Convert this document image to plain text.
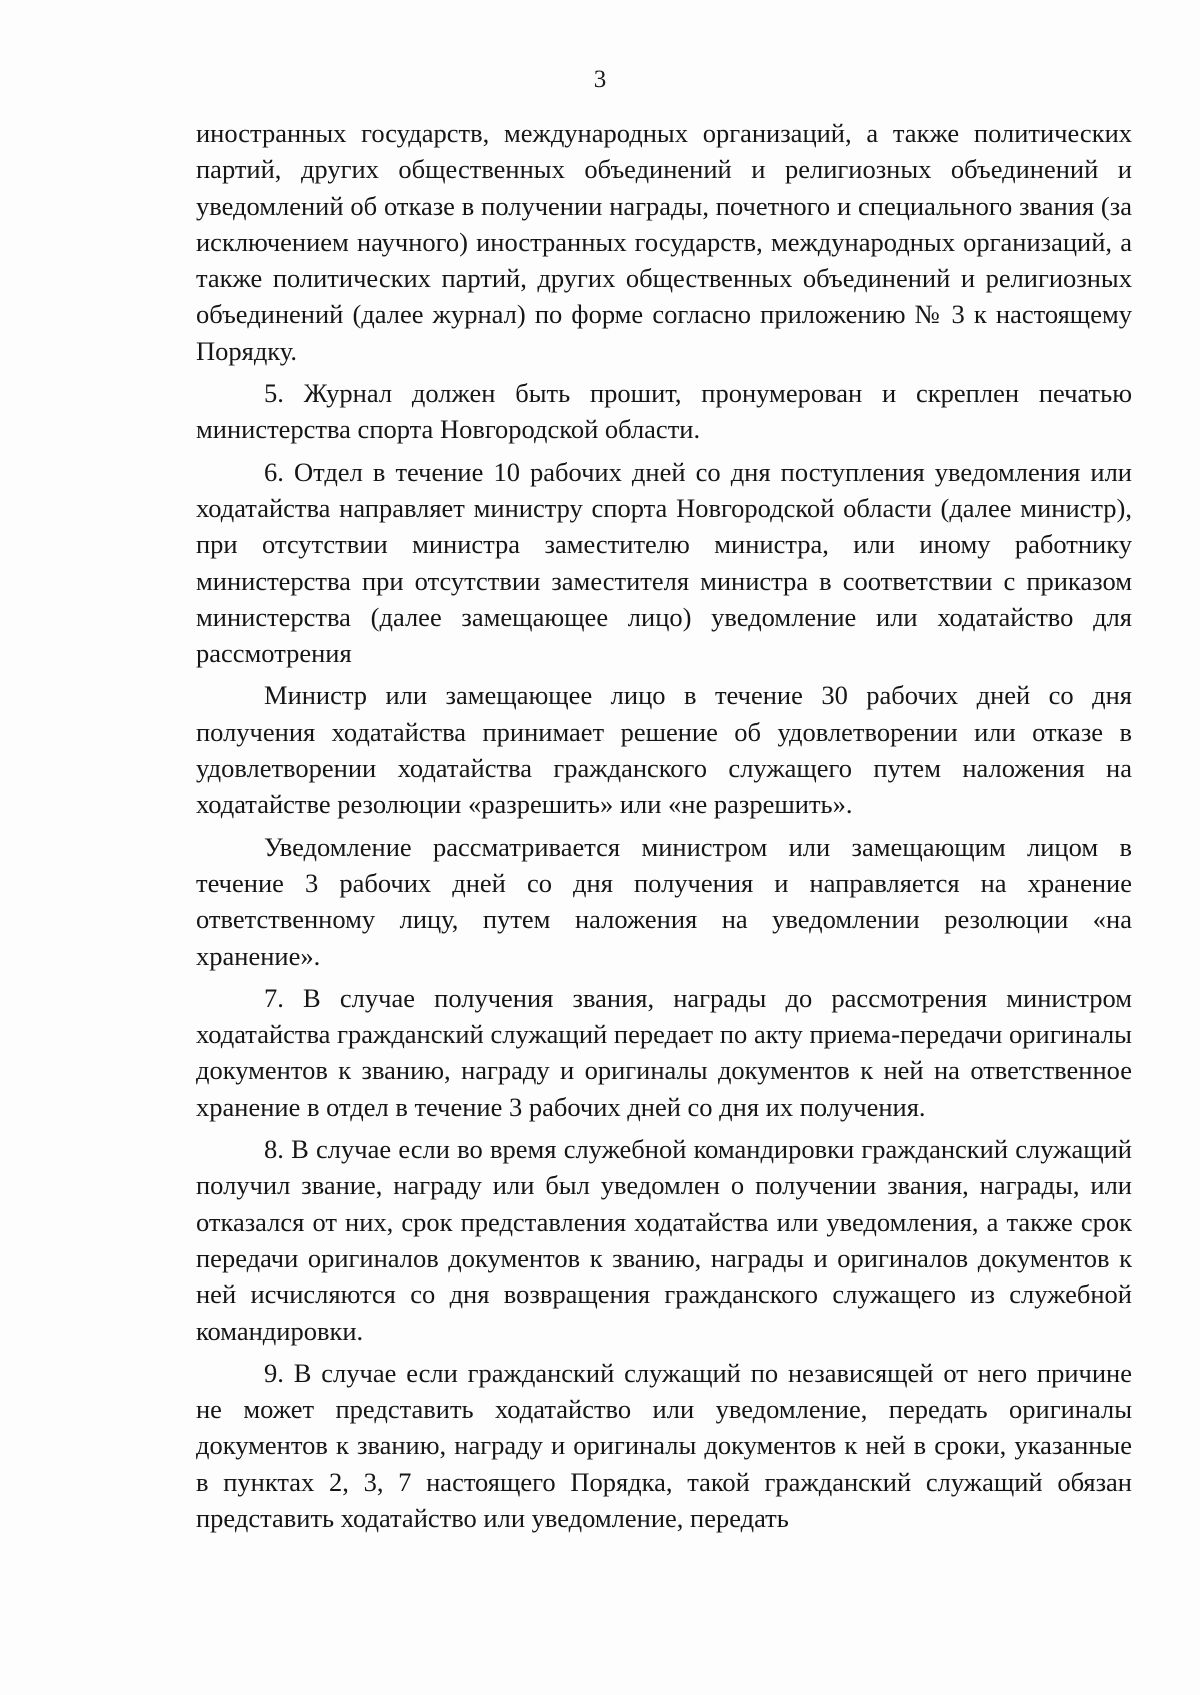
3

иностранных государств, международных организаций, а также политических партий, других общественных объединений и религиозных объединений и уведомлений об отказе в получении награды, почетного и специального звания (за исключением научного) иностранных государств, международных организаций, а также политических партий, других общественных объединений и религиозных объединений (далее журнал) по форме согласно приложению № 3 к настоящему Порядку.

5. Журнал должен быть прошит, пронумерован и скреплен печатью министерства спорта Новгородской области.

6. Отдел в течение 10 рабочих дней со дня поступления уведомления или ходатайства направляет министру спорта Новгородской области (далее министр), при отсутствии министра заместителю министра, или иному работнику министерства при отсутствии заместителя министра в соответствии с приказом министерства (далее замещающее лицо) уведомление или ходатайство для рассмотрения

Министр или замещающее лицо в течение 30 рабочих дней со дня получения ходатайства принимает решение об удовлетворении или отказе в удовлетворении ходатайства гражданского служащего путем наложения на ходатайстве резолюции «разрешить» или «не разрешить».

Уведомление рассматривается министром или замещающим лицом в течение 3 рабочих дней со дня получения и направляется на хранение ответственному лицу, путем наложения на уведомлении резолюции «на хранение».

7. В случае получения звания, награды до рассмотрения министром ходатайства гражданский служащий передает по акту приема-передачи оригиналы документов к званию, награду и оригиналы документов к ней на ответственное хранение в отдел в течение 3 рабочих дней со дня их получения.

8. В случае если во время служебной командировки гражданский служащий получил звание, награду или был уведомлен о получении звания, награды, или отказался от них, срок представления ходатайства или уведомления, а также срок передачи оригиналов документов к званию, награды и оригиналов документов к ней исчисляются со дня возвращения гражданского служащего из служебной командировки.

9. В случае если гражданский служащий по независящей от него причине не может представить ходатайство или уведомление, передать оригиналы документов к званию, награду и оригиналы документов к ней в сроки, указанные в пунктах 2, 3, 7 настоящего Порядка, такой гражданский служащий обязан представить ходатайство или уведомление, передать
